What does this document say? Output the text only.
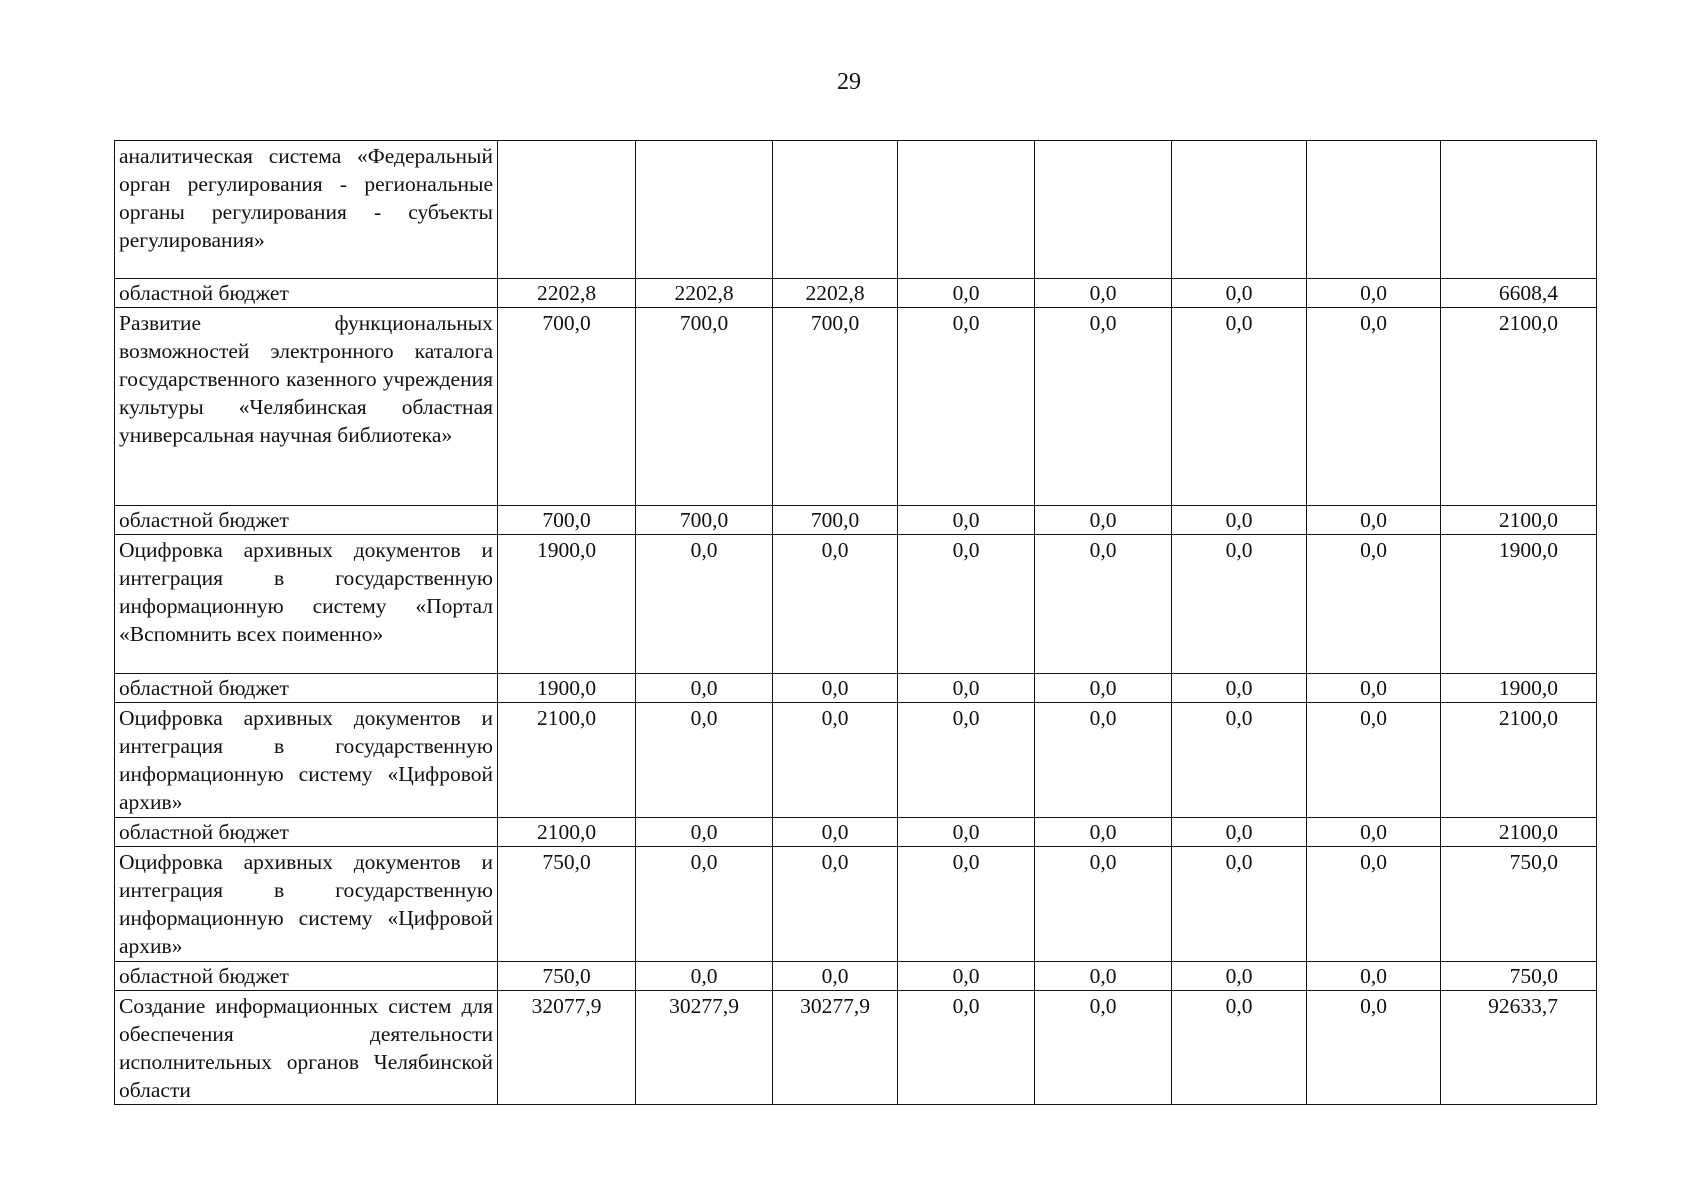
29
аналитическая система «Федеральный орган регулирования - региональные органы регулирования - субъекты регулирования»								
областной бюджет	2202,8	2202,8	2202,8	0,0	0,0	0,0	0,0	6608,4
Развитие функциональных возможностей электронного каталога государственного казенного учреждения культуры «Челябинская областная универсальная научная библиотека»	700,0	700,0	700,0	0,0	0,0	0,0	0,0	2100,0
областной бюджет	700,0	700,0	700,0	0,0	0,0	0,0	0,0	2100,0
Оцифровка архивных документов и интеграция в государственную информационную систему «Портал «Вспомнить всех поименно»	1900,0	0,0	0,0	0,0	0,0	0,0	0,0	1900,0
областной бюджет	1900,0	0,0	0,0	0,0	0,0	0,0	0,0	1900,0
Оцифровка архивных документов и интеграция в государственную информационную систему «Цифровой архив»	2100,0	0,0	0,0	0,0	0,0	0,0	0,0	2100,0
областной бюджет	2100,0	0,0	0,0	0,0	0,0	0,0	0,0	2100,0
Оцифровка архивных документов и интеграция в государственную информационную систему «Цифровой архив»	750,0	0,0	0,0	0,0	0,0	0,0	0,0	750,0
областной бюджет	750,0	0,0	0,0	0,0	0,0	0,0	0,0	750,0
Создание информационных систем для обеспечения деятельности исполнительных органов Челябинской области	32077,9	30277,9	30277,9	0,0	0,0	0,0	0,0	92633,7
